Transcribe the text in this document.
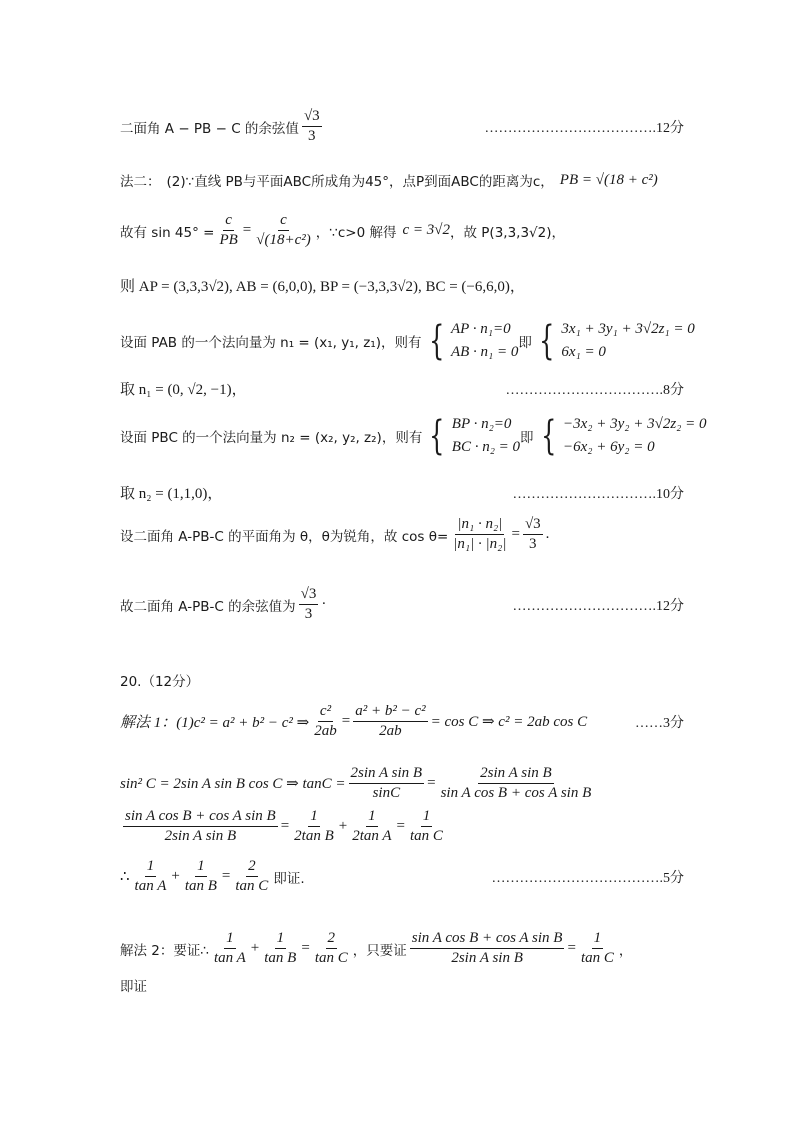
二面角 A − PB − C 的余弦值 $\frac{√3}{3}$	……………………………….12分
法二： (2)∵直线 PB与平面ABC所成角为45°，点P到面ABC的距离为c， PB = √(18 + c²)
故有 $\sin 45^\circ = \frac{c}{PB} = \frac{c}{\text{√(18+c²)}}$ ，∵c>0 解得 c = 3√2 ，故 P(3,3,3√2)，
则 AP = (3,3,3√2), AB = (6,0,0), BP = (−3,3,3√2), BC = (−6,6,0)，
设面 PAB 的一个法向量为 n₁ = (x₁, y₁, z₁)，则有 { AP · n₁=0
AB · n₁ = 0
即 { 3x₁ + 3y₁ + 3√2z₁ = 0
6x₁ = 0
取 n₁ = (0, √2, −1)，	…………………………….8分
设面 PBC 的一个法向量为 n₂ = (x₂, y₂, z₂)，则有 { BP · n₂=0
BC · n₂ = 0
即 { −3x₂ + 3y₂ + 3√2z₂ = 0
−6x₂ + 6y₂ = 0
取 n₂ = (1,1,0)，	………………………….10分
设二面角 A-PB-C 的平面角为 θ，θ为锐角，故 $\cos \theta= \frac{\text{|n₁ · n₂|}}{\text{|n₁| · |n₂|}} = \frac{√3}{3}$ .
故二面角 A-PB-C 的余弦值为 $\frac{√3}{3}$ ·	………………………….12分
20.（12分）
解法 1：(1)c² = a² + b² − c² ⇒ $\frac{\text{c²}}{2ab} = \frac{\text{a² + b² − c²}}{2ab} = \cos C$ ⇒ c² = 2ab cos C	……3分
sin² C = 2sin A sin B cos C ⇒ $\tan C = \frac{\text{2sin A sin B}}{\sin C} = \frac{\text{2sin A sin B}}{\text{sin A cos B + cos A sin B}}$
$\frac{\text{sin A cos B + cos A sin B}}{\text{2sin A sin B}} = \frac{1}{\text{2tan B}} + \frac{1}{\text{2tan A}} = \frac{1}{\text{tan C}}$
∴ $\frac{1}{\text{tan A}} + \frac{1}{\text{tan B}} = \frac{2}{\text{tan C}}$ 即证.	……………………………….5分
解法 2：要证∴ $\frac{1}{\text{tan A}} + \frac{1}{\text{tan B}} = \frac{2}{\text{tan C}}$ ，只要证 $\frac{\text{sin A cos B + cos A sin B}}{\text{2sin A sin B}} = \frac{1}{\text{tan C}}$ ，
即证
